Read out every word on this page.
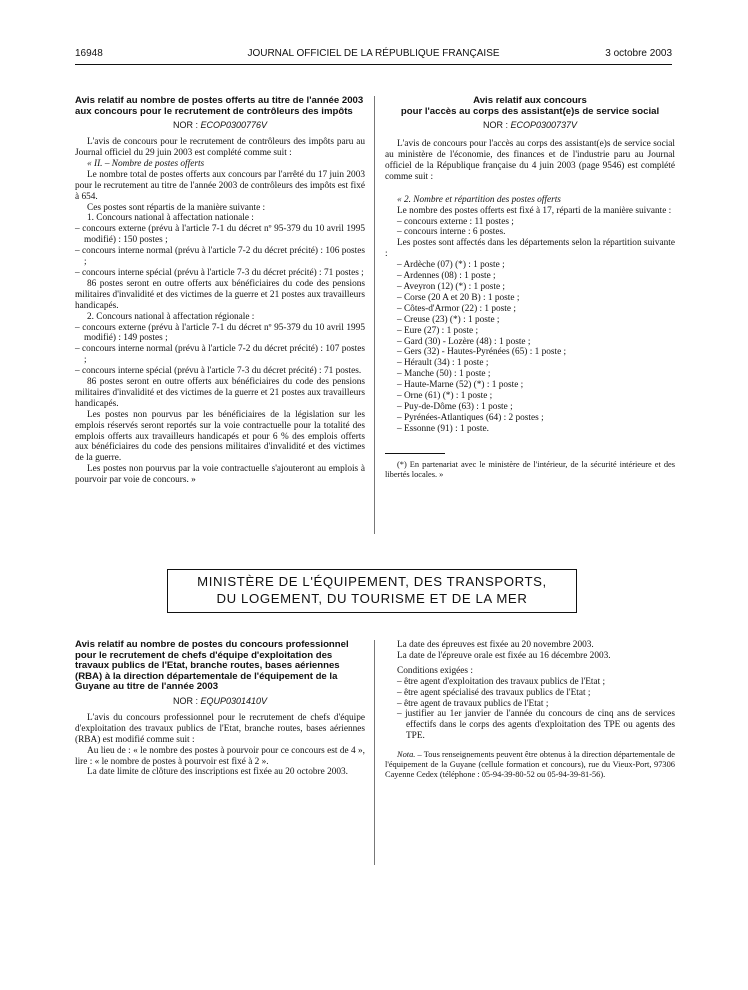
16948	JOURNAL OFFICIEL DE LA RÉPUBLIQUE FRANÇAISE	3 octobre 2003
Avis relatif au nombre de postes offerts au titre de l'année 2003 aux concours pour le recrutement de contrôleurs des impôts
NOR : ECOP0300776V

L'avis de concours pour le recrutement de contrôleurs des impôts paru au Journal officiel du 29 juin 2003 est complété comme suit :

« II. – Nombre de postes offerts

Le nombre total de postes offerts aux concours par l'arrêté du 17 juin 2003 pour le recrutement au titre de l'année 2003 de contrôleurs des impôts est fixé à 654.

Ces postes sont répartis de la manière suivante :

1. Concours national à affectation nationale :

– concours externe (prévu à l'article 7-1 du décret nº 95-379 du 10 avril 1995 modifié) : 150 postes ;

– concours interne normal (prévu à l'article 7-2 du décret précité) : 106 postes ;

– concours interne spécial (prévu à l'article 7-3 du décret précité) : 71 postes ;

86 postes seront en outre offerts aux bénéficiaires du code des pensions militaires d'invalidité et des victimes de la guerre et 21 postes aux travailleurs handicapés.

2. Concours national à affectation régionale :

– concours externe (prévu à l'article 7-1 du décret nº 95-379 du 10 avril 1995 modifié) : 149 postes ;

– concours interne normal (prévu à l'article 7-2 du décret précité) : 107 postes ;

– concours interne spécial (prévu à l'article 7-3 du décret précité) : 71 postes.

86 postes seront en outre offerts aux bénéficiaires du code des pensions militaires d'invalidité et des victimes de la guerre et 21 postes aux travailleurs handicapés.

Les postes non pourvus par les bénéficiaires de la législation sur les emplois réservés seront reportés sur la voie contractuelle pour la totalité des emplois offerts aux travailleurs handicapés et pour 6 % des emplois offerts aux bénéficiaires du code des pensions militaires d'invalidité et des victimes de la guerre.

Les postes non pourvus par la voie contractuelle s'ajouteront au emplois à pourvoir par voie de concours. »

Avis relatif aux concours
pour l'accès au corps des assistant(e)s de service social
NOR : ECOP0300737V

L'avis de concours pour l'accès au corps des assistant(e)s de service social au ministère de l'économie, des finances et de l'industrie paru au Journal officiel de la République française du 4 juin 2003 (page 9546) est complété comme suit :

« 2. Nombre et répartition des postes offerts

Le nombre des postes offerts est fixé à 17, réparti de la manière suivante :

– concours externe : 11 postes ;

– concours interne : 6 postes.

Les postes sont affectés dans les départements selon la répartition suivante :

– Ardèche (07) (*) : 1 poste ;

– Ardennes (08) : 1 poste ;

– Aveyron (12) (*) : 1 poste ;

– Corse (20 A et 20 B) : 1 poste ;

– Côtes-d'Armor (22) : 1 poste ;

– Creuse (23) (*) : 1 poste ;

– Eure (27) : 1 poste ;

– Gard (30) - Lozère (48) : 1 poste ;

– Gers (32) - Hautes-Pyrénées (65) : 1 poste ;

– Hérault (34) : 1 poste ;

– Manche (50) : 1 poste ;

– Haute-Marne (52) (*) : 1 poste ;

– Orne (61) (*) : 1 poste ;

– Puy-de-Dôme (63) : 1 poste ;

– Pyrénées-Atlantiques (64) : 2 postes ;

– Essonne (91) : 1 poste.

(*) En partenariat avec le ministère de l'intérieur, de la sécurité intérieure et des libertés locales. »

MINISTÈRE DE L'ÉQUIPEMENT, DES TRANSPORTS,
DU LOGEMENT, DU TOURISME ET DE LA MER
Avis relatif au nombre de postes du concours professionnel pour le recrutement de chefs d'équipe d'exploitation des travaux publics de l'Etat, branche routes, bases aériennes (RBA) à la direction départementale de l'équipement de la Guyane au titre de l'année 2003
NOR : EQUP0301410V

L'avis du concours professionnel pour le recrutement de chefs d'équipe d'exploitation des travaux publics de l'Etat, branche routes, bases aériennes (RBA) est modifié comme suit :

Au lieu de : « le nombre des postes à pourvoir pour ce concours est de 4 », lire : « le nombre de postes à pourvoir est fixé à 2 ».

La date limite de clôture des inscriptions est fixée au 20 octobre 2003.

La date des épreuves est fixée au 20 novembre 2003.

La date de l'épreuve orale est fixée au 16 décembre 2003.

Conditions exigées :

– être agent d'exploitation des travaux publics de l'Etat ;

– être agent spécialisé des travaux publics de l'Etat ;

– être agent de travaux publics de l'Etat ;

– justifier au 1er janvier de l'année du concours de cinq ans de services effectifs dans le corps des agents d'exploitation des TPE ou agents des TPE.

Nota. – Tous renseignements peuvent être obtenus à la direction départementale de l'équipement de la Guyane (cellule formation et concours), rue du Vieux-Port, 97306 Cayenne Cedex (téléphone : 05-94-39-80-52 ou 05-94-39-81-56).
